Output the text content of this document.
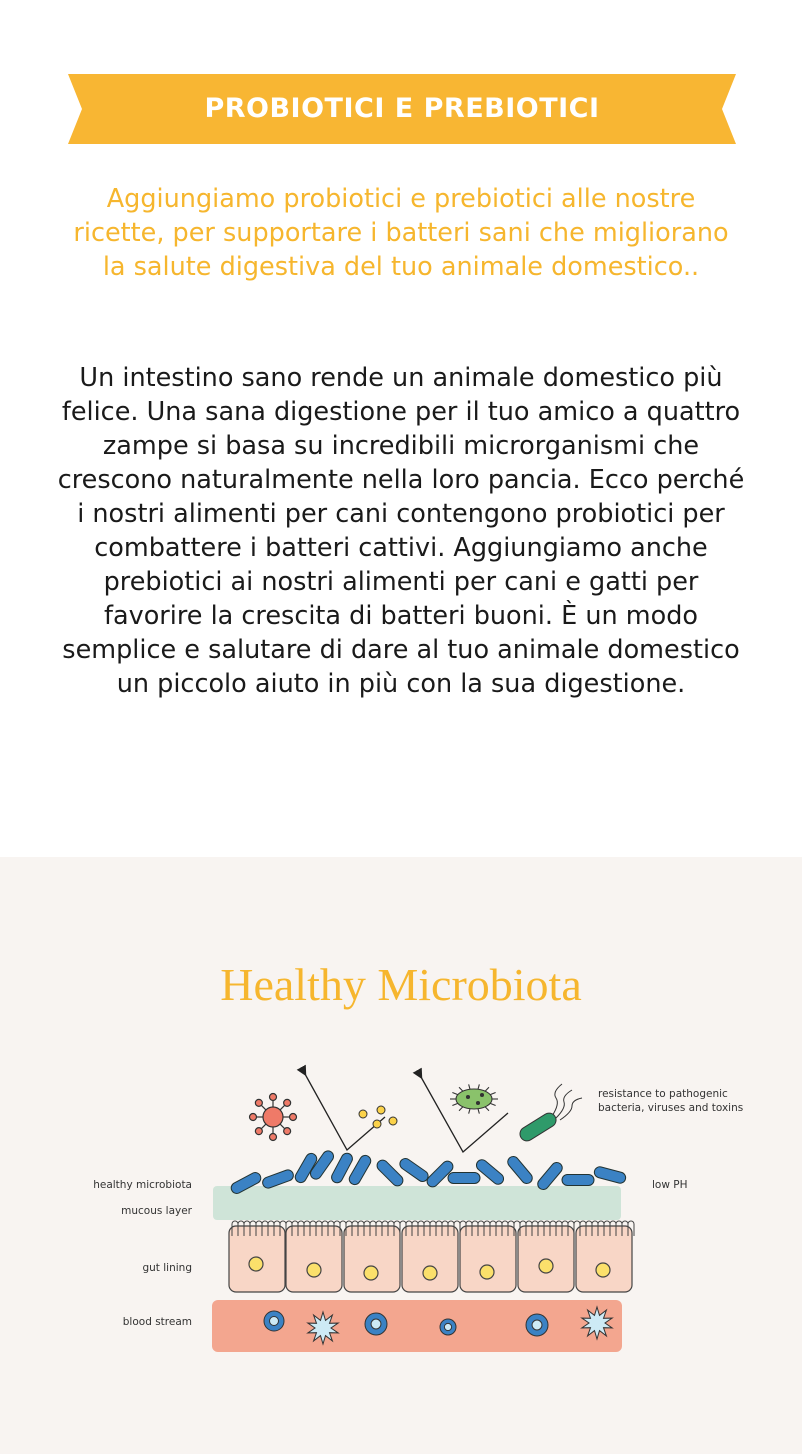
PROBIOTICI E PREBIOTICI

Aggiungiamo probiotici e prebiotici alle nostre ricette, per supportare i batteri sani che migliorano la salute digestiva del tuo animale domestico..

Un intestino sano rende un animale domestico più felice. Una sana digestione per il tuo amico a quattro zampe si basa su incredibili microrganismi che crescono naturalmente nella loro pancia. Ecco perché i nostri alimenti per cani contengono probiotici per combattere i batteri cattivi. Aggiungiamo anche prebiotici ai nostri alimenti per cani e gatti per favorire la crescita di batteri buoni. È un modo semplice e salutare di dare al tuo animale domestico un piccolo aiuto in più con la sua digestione.

Healthy Microbiota
resistance to pathogenic bacteria, viruses and toxins
healthy microbiota
mucous layer
gut lining
blood stream
low PH
